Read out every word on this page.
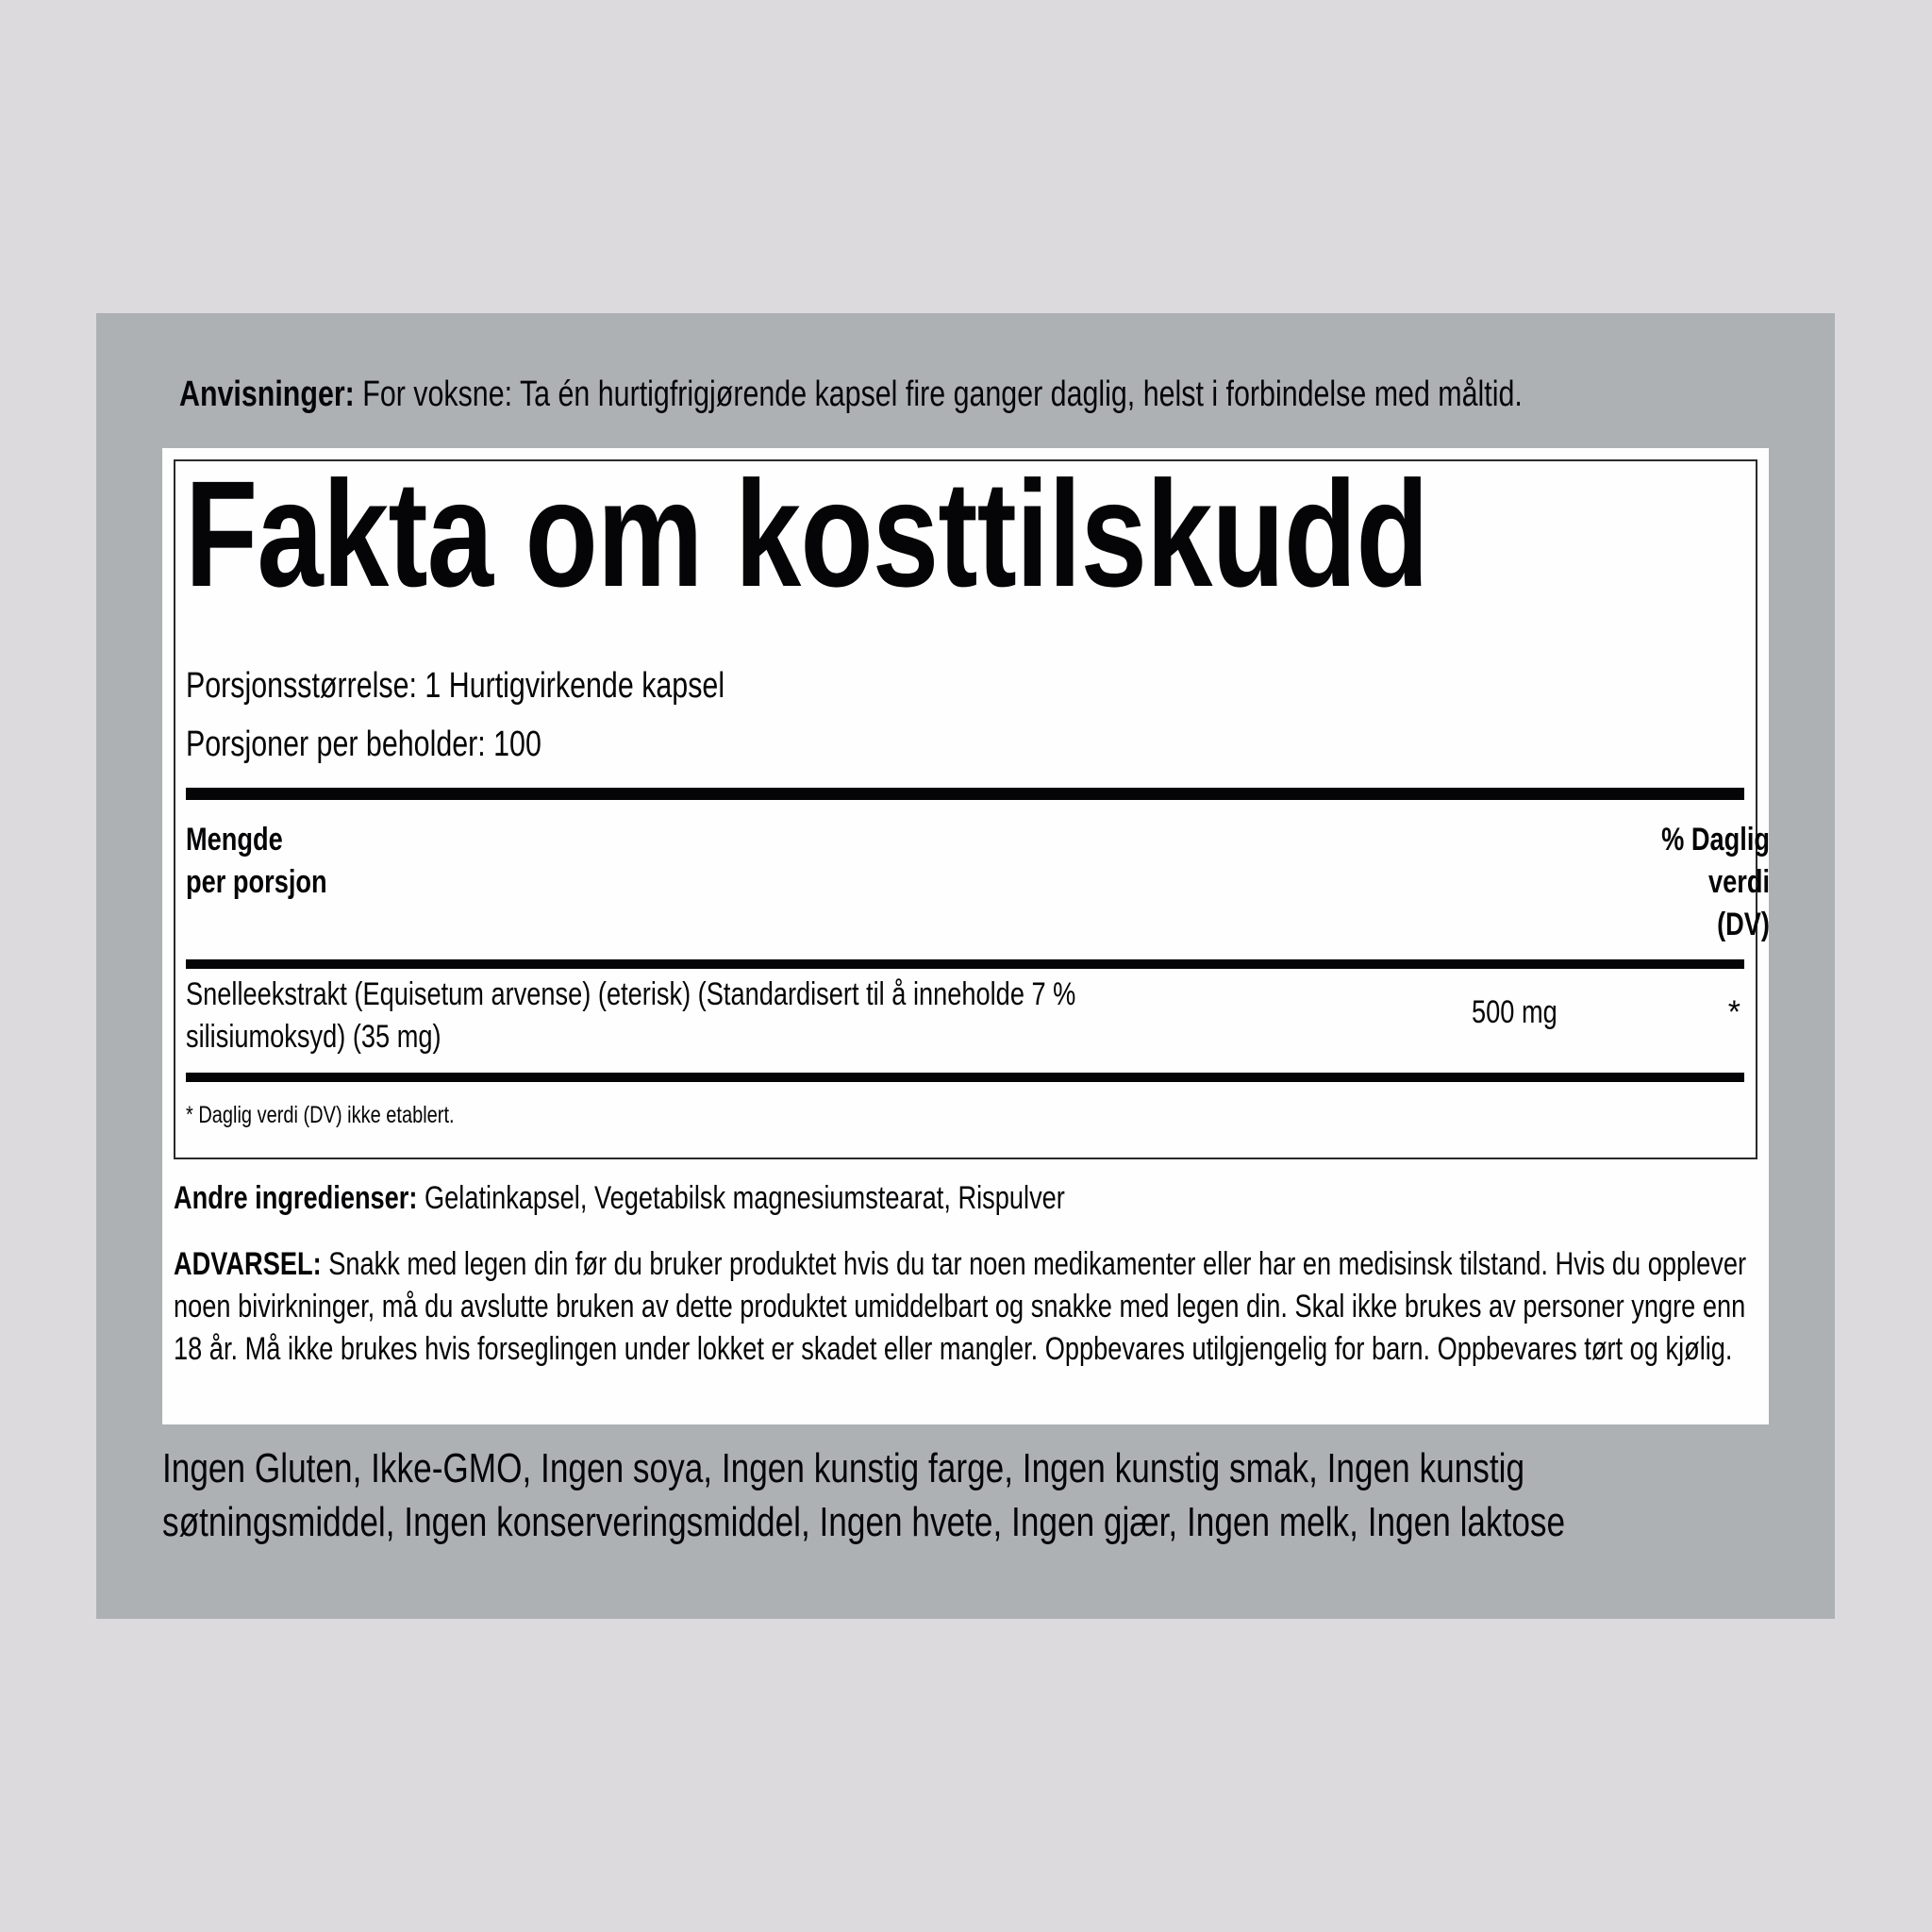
Anvisninger: For voksne: Ta én hurtigfrigjørende kapsel fire ganger daglig, helst i forbindelse med måltid.
Fakta om kosttilskudd
Porsjonsstørrelse: 1 Hurtigvirkende kapsel
Porsjoner per beholder: 100
Mengde
per porsjon
% Daglig
verdi
(DV)
Snelleekstrakt (Equisetum arvense) (eterisk) (Standardisert til å inneholde 7 % silisiumoksyd) (35 mg)
500 mg	*
* Daglig verdi (DV) ikke etablert.
Andre ingredienser: Gelatinkapsel, Vegetabilsk magnesiumstearat, Rispulver
ADVARSEL: Snakk med legen din før du bruker produktet hvis du tar noen medikamenter eller har en medisinsk tilstand. Hvis du opplever noen bivirkninger, må du avslutte bruken av dette produktet umiddelbart og snakke med legen din. Skal ikke brukes av personer yngre enn 18 år. Må ikke brukes hvis forseglingen under lokket er skadet eller mangler. Oppbevares utilgjengelig for barn. Oppbevares tørt og kjølig.
Ingen Gluten, Ikke-GMO, Ingen soya, Ingen kunstig farge, Ingen kunstig smak, Ingen kunstig søtningsmiddel, Ingen konserveringsmiddel, Ingen hvete, Ingen gjær, Ingen melk, Ingen laktose
